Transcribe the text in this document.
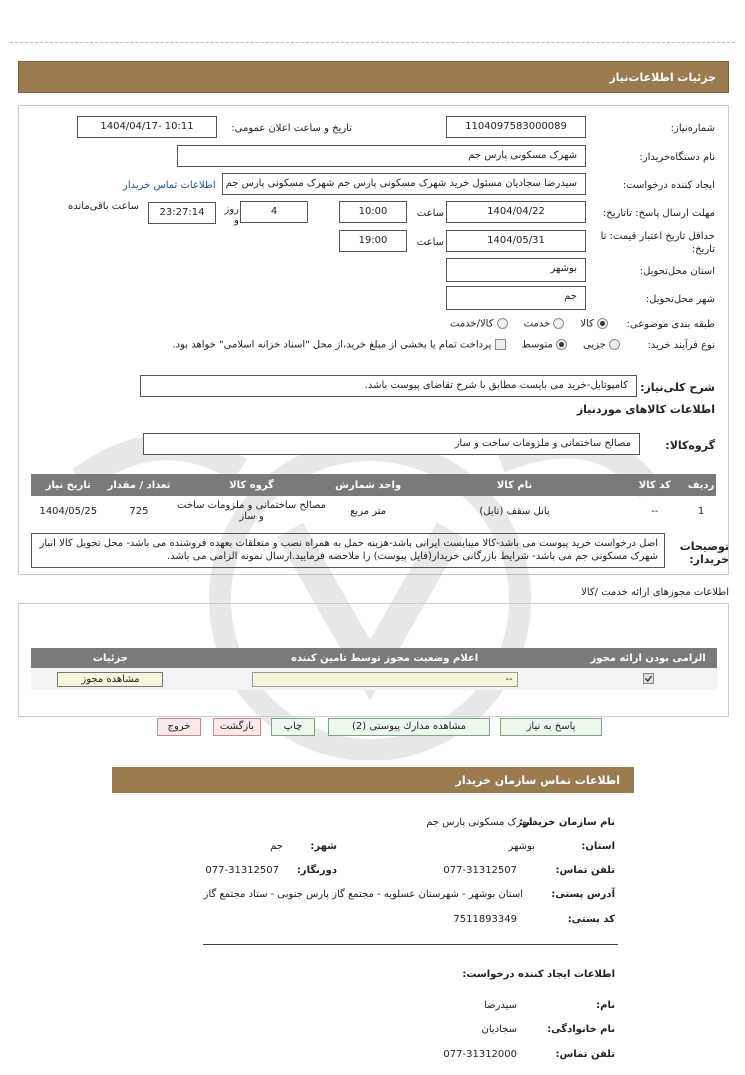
جزئیات اطلاعات‌نیاز
شماره‌نیاز:
1104097583000089
تاریخ و ساعت اعلان عمومی:
1404/04/17- 10:11
نام دستگاه‌خریدار:
شهرک مسکونی پارس جم
ایجاد کننده درخواست:
سیدرضا سجادیان مسئول خرید شهرک مسکونی پارس جم شهرک مسکونی پارس جم
اطلاعات تماس خریدار
مهلت ارسال پاسخ: تاتاریخ:
1404/04/22
ساعت
10:00
4
روز و
23:27:14
ساعت باقی‌مانده
حداقل تاریخ اعتبار قیمت: تا تاریخ:
1404/05/31
ساعت
19:00
استان محل‌تحویل:
بوشهر
شهر محل‌تحویل:
جم
طبقه بندی موضوعی:
کالا      خدمت      کالا/خدمت
نوع فرآیند خرید:
جزیی      متوسط      پرداخت تمام یا بخشی از مبلغ خرید،از محل "اسناد خزانه اسلامی" خواهد بود.
شرح کلی‌نیاز:
کامپوتابل-خرید می بایست مطابق با شرح تقاضای پیوست باشد.
اطلاعات کالاهای موردنیاز
گروه‌کالا:
مصالح ساختمانی و ملزومات ساخت و ساز
ردیف	کد کالا	نام کالا	واحد شمارش	گروه کالا	تعداد / مقدار	تاریخ نیاز
1	--	پانل سقف (تایل)	متر مربع	مصالح ساختمانی و ملزومات ساخت و ساز	725	1404/05/25
توضیحات خریدار:
اصل درخواست خرید پیوست می باشد-کالا میبایست ایرانی باشد-هزینه حمل به همراه نصب و متعلقات بعهده فروشنده می باشد- محل تحویل کالا انبار شهرک مسکونی جم می باشد- شرایط بازرگانی خریدار(فایل پیوست) را ملاحضه فرمایید.ارسال نمونه الزامی می باشد.
اطلاعات مجوزهای ارائه خدمت /کالا
الزامی بودن ارائه مجوز	اعلام وضعیت مجوز توسط تامین کننده	جزئیات

	--	مشاهده مجوز
پاسخ به نیاز
مشاهده مدارك پیوستی (2)
چاپ
بازگشت
خروج
اطلاعات تماس سازمان خریدار
نام سازمان خریدار:
شهرک مسکونی پارس جم
استان:
بوشهر
شهر:
جم
تلفن تماس:
077-31312507
دورنگار:
077-31312507
آدرس پستی:
استان بوشهر - شهرستان عسلویه - مجتمع گاز پارس جنوبی - ستاد مجتمع گاز
کد پستی:
7511893349
اطلاعات ایجاد کننده درخواست:
نام:
سیدرضا
نام خانوادگی:
سجادیان
تلفن تماس:
077-31312000
